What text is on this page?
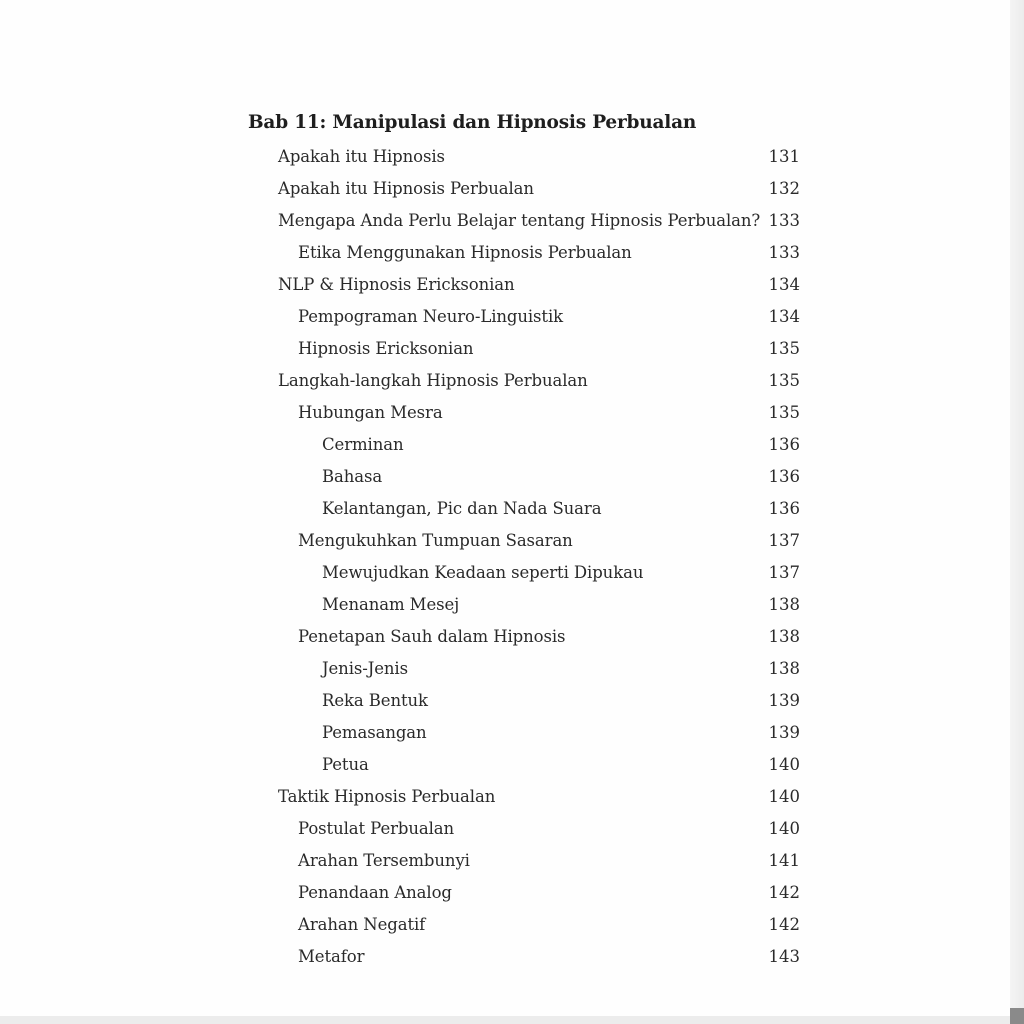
Bab 11: Manipulasi dan Hipnosis Perbualan
Apakah itu Hipnosis	131
Apakah itu Hipnosis Perbualan	132
Mengapa Anda Perlu Belajar tentang Hipnosis Perbualan? 133
Etika Menggunakan Hipnosis Perbualan	133
NLP & Hipnosis Ericksonian	134
Pempograman Neuro-Linguistik	134
Hipnosis Ericksonian	135
Langkah-langkah Hipnosis Perbualan	135
Hubungan Mesra	135
Cerminan	136
Bahasa	136
Kelantangan, Pic dan Nada Suara	136
Mengukuhkan Tumpuan Sasaran	137
Mewujudkan Keadaan seperti Dipukau	137
Menanam Mesej	138
Penetapan Sauh dalam Hipnosis	138
Jenis-Jenis	138
Reka Bentuk	139
Pemasangan	139
Petua	140
Taktik Hipnosis Perbualan	140
Postulat Perbualan	140
Arahan Tersembunyi	141
Penandaan Analog	142
Arahan Negatif	142
Metafor	143
